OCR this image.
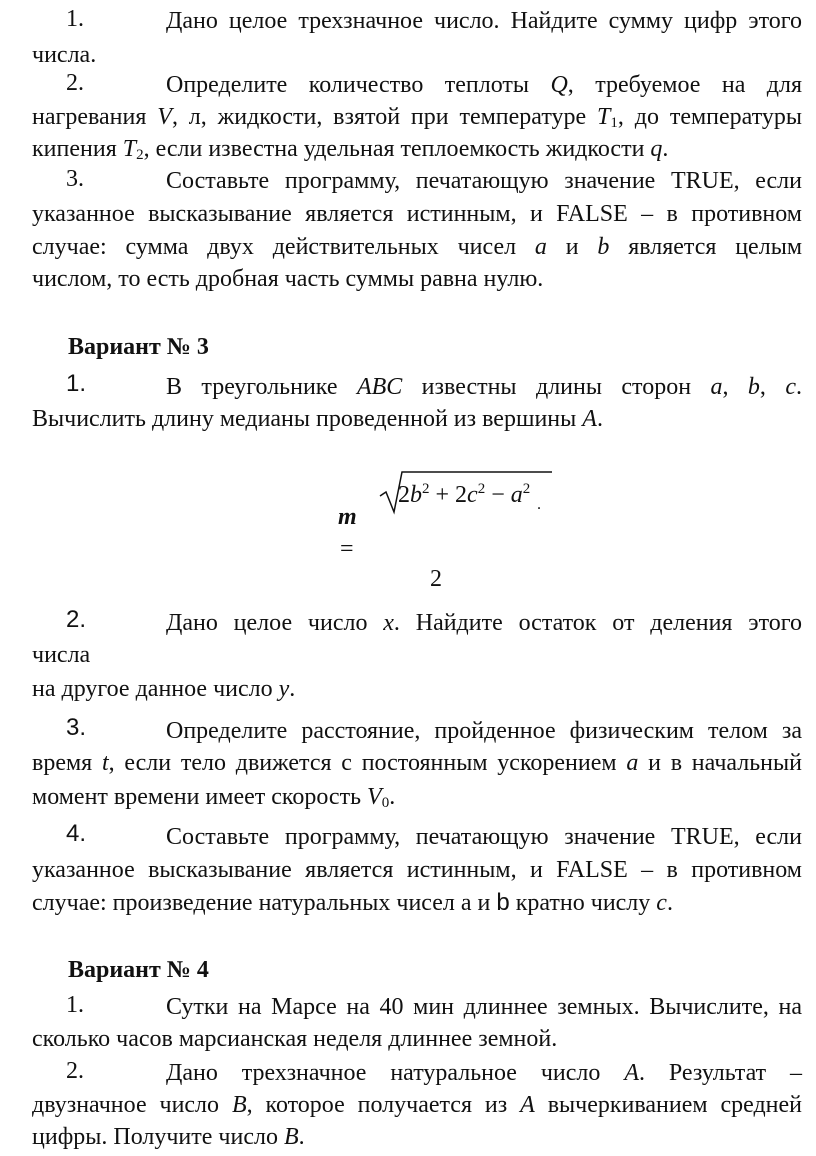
1.	Дано целое трехзначное число. Найдите сумму цифр этого
числа.
2.	Определите количество теплоты Q, требуемое на для
нагревания V, л, жидкости, взятой при температуре $T_1$, до температуры
кипения $T_2$, если известна удельная теплоемкость жидкости q.
3.	Составьте программу, печатающую значение TRUE, если
указанное высказывание является истинным, и FALSE – в противном
случае: сумма двух действительных чисел a и b является целым
числом, то есть дробная часть суммы равна нулю.
Вариант № 3
1.	В треугольнике ABC известны длины сторон a, b, c.
Вычислить длину медианы проведенной из вершины A.
$2b^2 + 2c^2 - a^2$
˙
m
=
2
2.	Дано целое число x. Найдите остаток от деления этого
числа
на другое данное число y.
3.	Определите расстояние, пройденное физическим телом за
время t, если тело движется с постоянным ускорением a и в начальный
момент времени имеет скорость $V_0$.
4.	Составьте программу, печатающую значение TRUE, если
указанное высказывание является истинным, и FALSE – в противном
случае: произведение натуральных чисел а и b кратно числу c.
Вариант № 4
1.	Сутки на Марсе на 40 мин длиннее земных. Вычислите, на
сколько часов марсианская неделя длиннее земной.
2.	Дано трехзначное натуральное число A. Результат –
двузначное число B, которое получается из A вычеркиванием средней
цифры. Получите число B.
